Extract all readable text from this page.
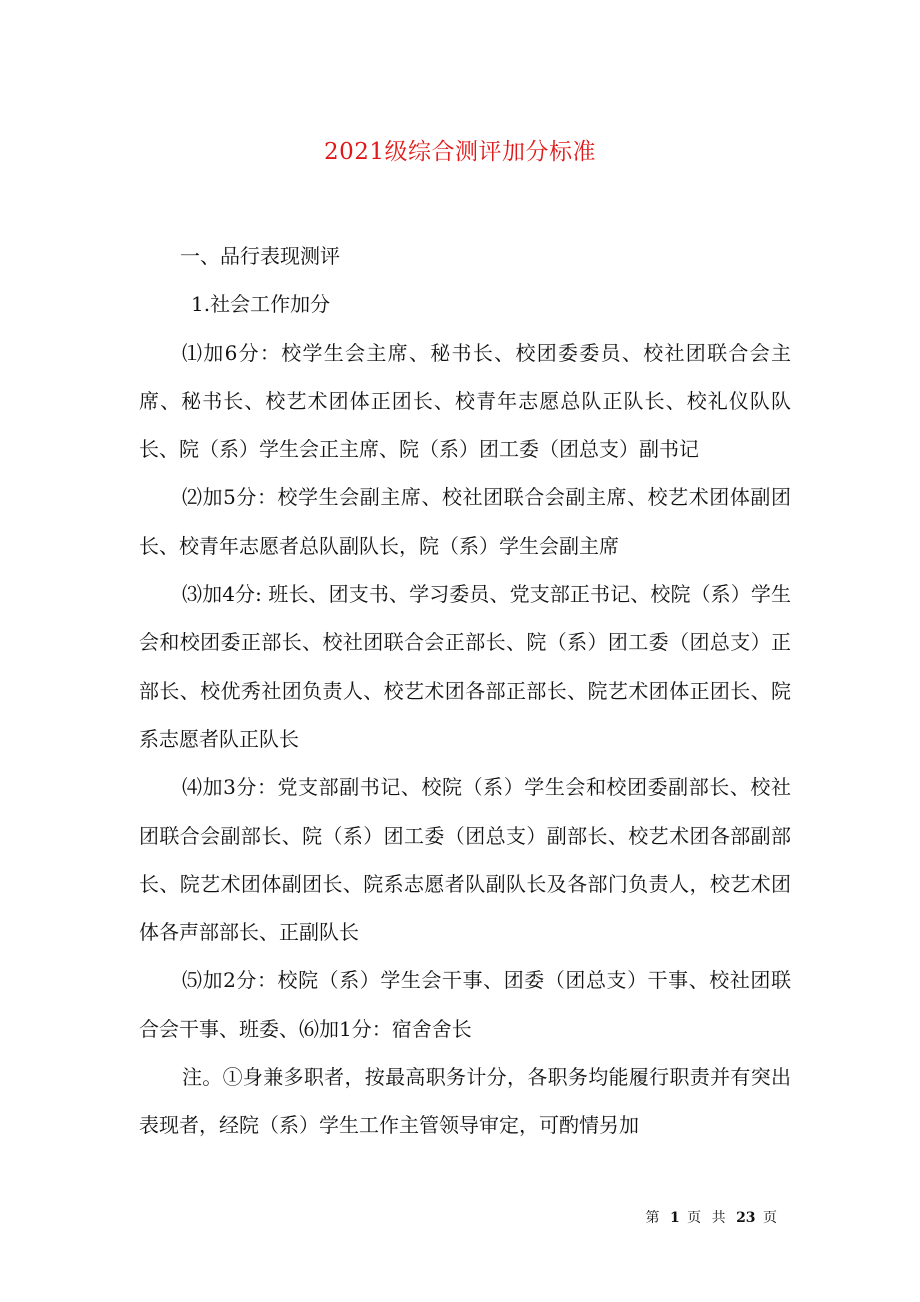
2021级综合测评加分标准

一、品行表现测评

1.社会工作加分

⑴加6分：校学生会主席、秘书长、校团委委员、校社团联合会主席、秘书长、校艺术团体正团长、校青年志愿总队正队长、校礼仪队队长、院（系）学生会正主席、院（系）团工委（团总支）副书记

⑵加5分：校学生会副主席、校社团联合会副主席、校艺术团体副团长、校青年志愿者总队副队长，院（系）学生会副主席

⑶加4分: 班长、团支书、学习委员、党支部正书记、校院（系）学生会和校团委正部长、校社团联合会正部长、院（系）团工委（团总支）正部长、校优秀社团负责人、校艺术团各部正部长、院艺术团体正团长、院系志愿者队正队长

⑷加3分：党支部副书记、校院（系）学生会和校团委副部长、校社团联合会副部长、院（系）团工委（团总支）副部长、校艺术团各部副部长、院艺术团体副团长、院系志愿者队副队长及各部门负责人，校艺术团体各声部部长、正副队长

⑸加2分：校院（系）学生会干事、团委（团总支）干事、校社团联合会干事、班委、⑹加1分：宿舍舍长

注。①身兼多职者，按最高职务计分，各职务均能履行职责并有突出表现者，经院（系）学生工作主管领导审定，可酌情另加

第 1 页 共 23 页
